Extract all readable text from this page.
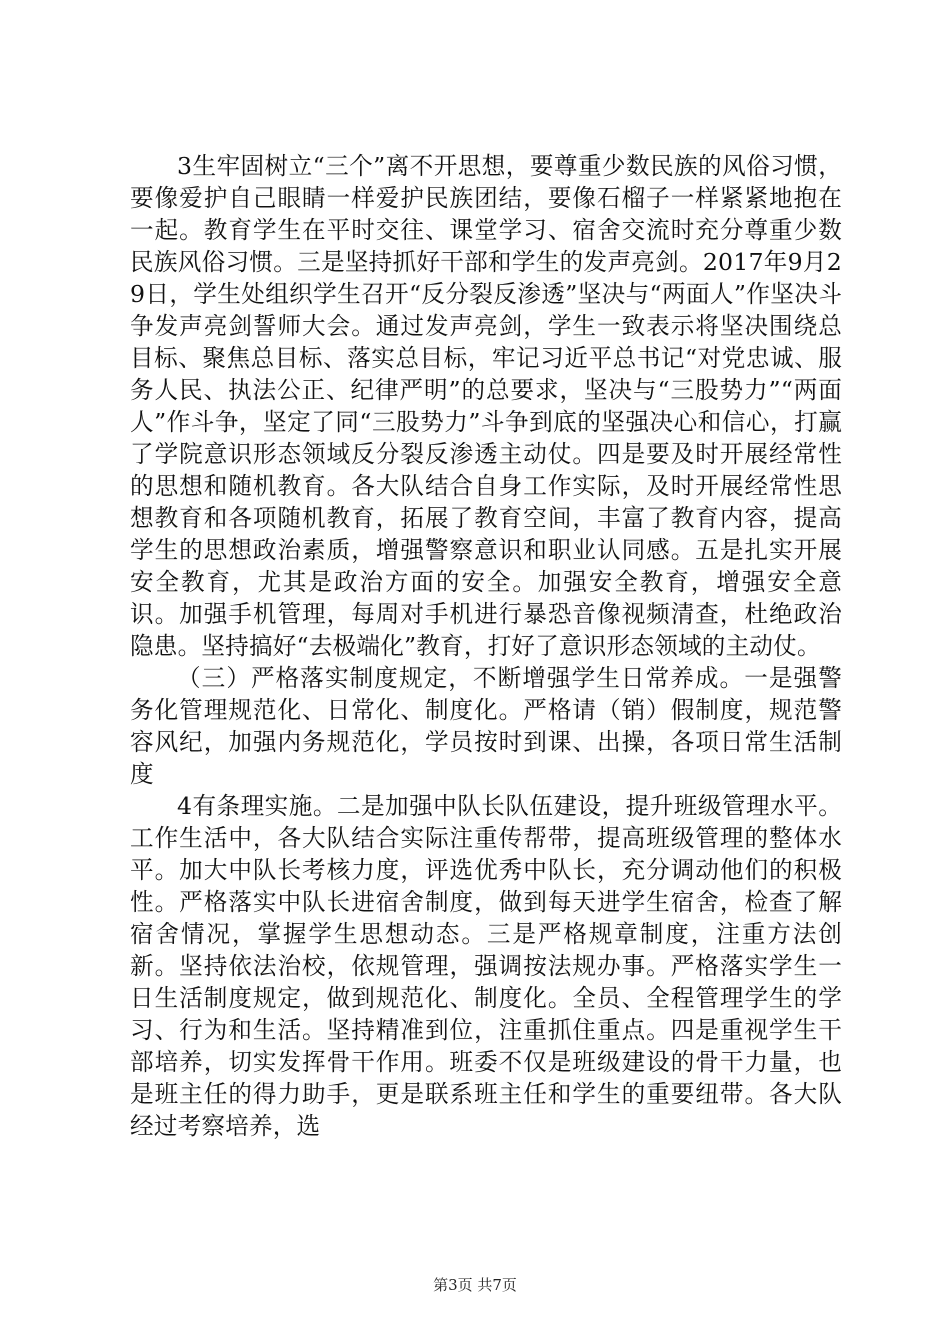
3生牢固树立“三个”离不开思想，要尊重少数民族的风俗习惯，要像爱护自己眼睛一样爱护民族团结，要像石榴子一样紧紧地抱在一起。教育学生在平时交往、课堂学习、宿舍交流时充分尊重少数民族风俗习惯。三是坚持抓好干部和学生的发声亮剑。2017年9月29日，学生处组织学生召开“反分裂反渗透”坚决与“两面人”作坚决斗争发声亮剑誓师大会。通过发声亮剑，学生一致表示将坚决围绕总目标、聚焦总目标、落实总目标，牢记习近平总书记“对党忠诚、服务人民、执法公正、纪律严明”的总要求，坚决与“三股势力”“两面人”作斗争，坚定了同“三股势力”斗争到底的坚强决心和信心，打赢了学院意识形态领域反分裂反渗透主动仗。四是要及时开展经常性的思想和随机教育。各大队结合自身工作实际，及时开展经常性思想教育和各项随机教育，拓展了教育空间，丰富了教育内容，提高学生的思想政治素质，增强警察意识和职业认同感。五是扎实开展安全教育，尤其是政治方面的安全。加强安全教育，增强安全意识。加强手机管理，每周对手机进行暴恐音像视频清查，杜绝政治隐患。坚持搞好“去极端化”教育，打好了意识形态领域的主动仗。

（三）严格落实制度规定，不断增强学生日常养成。一是强警务化管理规范化、日常化、制度化。严格请（销）假制度，规范警容风纪，加强内务规范化，学员按时到课、出操，各项日常生活制度

4有条理实施。二是加强中队长队伍建设，提升班级管理水平。工作生活中，各大队结合实际注重传帮带，提高班级管理的整体水平。加大中队长考核力度，评选优秀中队长，充分调动他们的积极性。严格落实中队长进宿舍制度，做到每天进学生宿舍，检查了解宿舍情况，掌握学生思想动态。三是严格规章制度，注重方法创新。坚持依法治校，依规管理，强调按法规办事。严格落实学生一日生活制度规定，做到规范化、制度化。全员、全程管理学生的学习、行为和生活。坚持精准到位，注重抓住重点。四是重视学生干部培养，切实发挥骨干作用。班委不仅是班级建设的骨干力量，也是班主任的得力助手，更是联系班主任和学生的重要纽带。各大队经过考察培养，选

第3页 共7页
